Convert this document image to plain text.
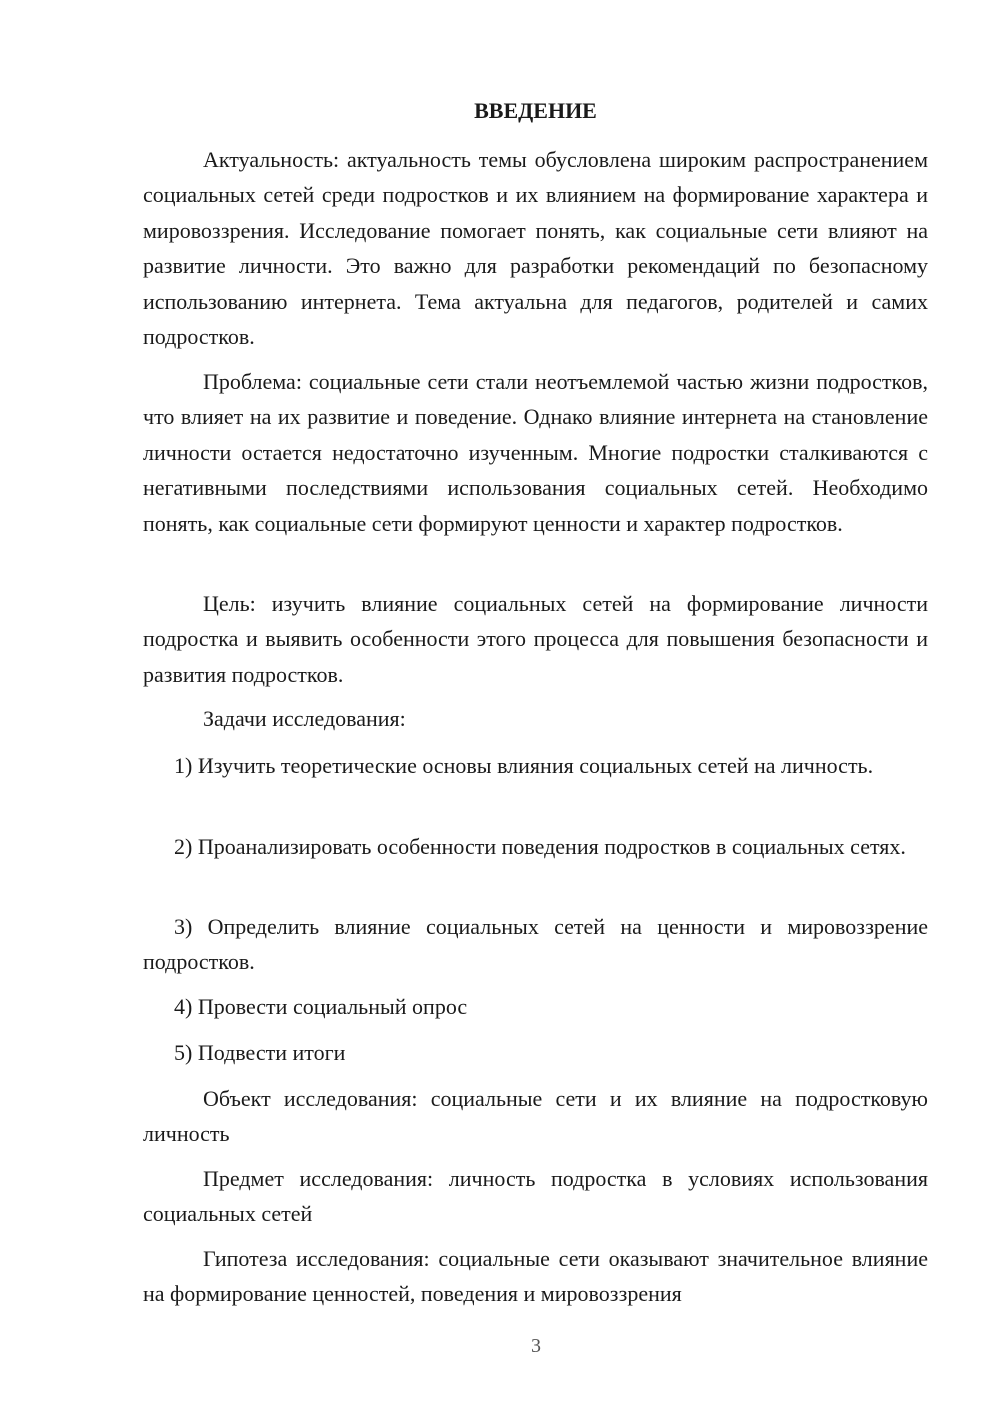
ВВЕДЕНИЕ

Актуальность: актуальность темы обусловлена широким распространением социальных сетей среди подростков и их влиянием на формирование характера и мировоззрения. Исследование помогает понять, как социальные сети влияют на развитие личности. Это важно для разработки рекомендаций по безопасному использованию интернета. Тема актуальна для педагогов, родителей и самих подростков.

Проблема: социальные сети стали неотъемлемой частью жизни подростков, что влияет на их развитие и поведение. Однако влияние интернета на становление личности остается недостаточно изученным. Многие подростки сталкиваются с негативными последствиями использования социальных сетей. Необходимо понять, как социальные сети формируют ценности и характер подростков.

Цель: изучить влияние социальных сетей на формирование личности подростка и выявить особенности этого процесса для повышения безопасности и развития подростков.

Задачи исследования:

1) Изучить теоретические основы влияния социальных сетей на личность.

2) Проанализировать особенности поведения подростков в социальных сетях.

3) Определить влияние социальных сетей на ценности и мировоззрение подростков.

4) Провести социальный опрос

5) Подвести итоги

Объект исследования: социальные сети и их влияние на подростковую личность

Предмет исследования: личность подростка в условиях использования социальных сетей

Гипотеза исследования: социальные сети оказывают значительное влияние на формирование ценностей, поведения и мировоззрения

3
